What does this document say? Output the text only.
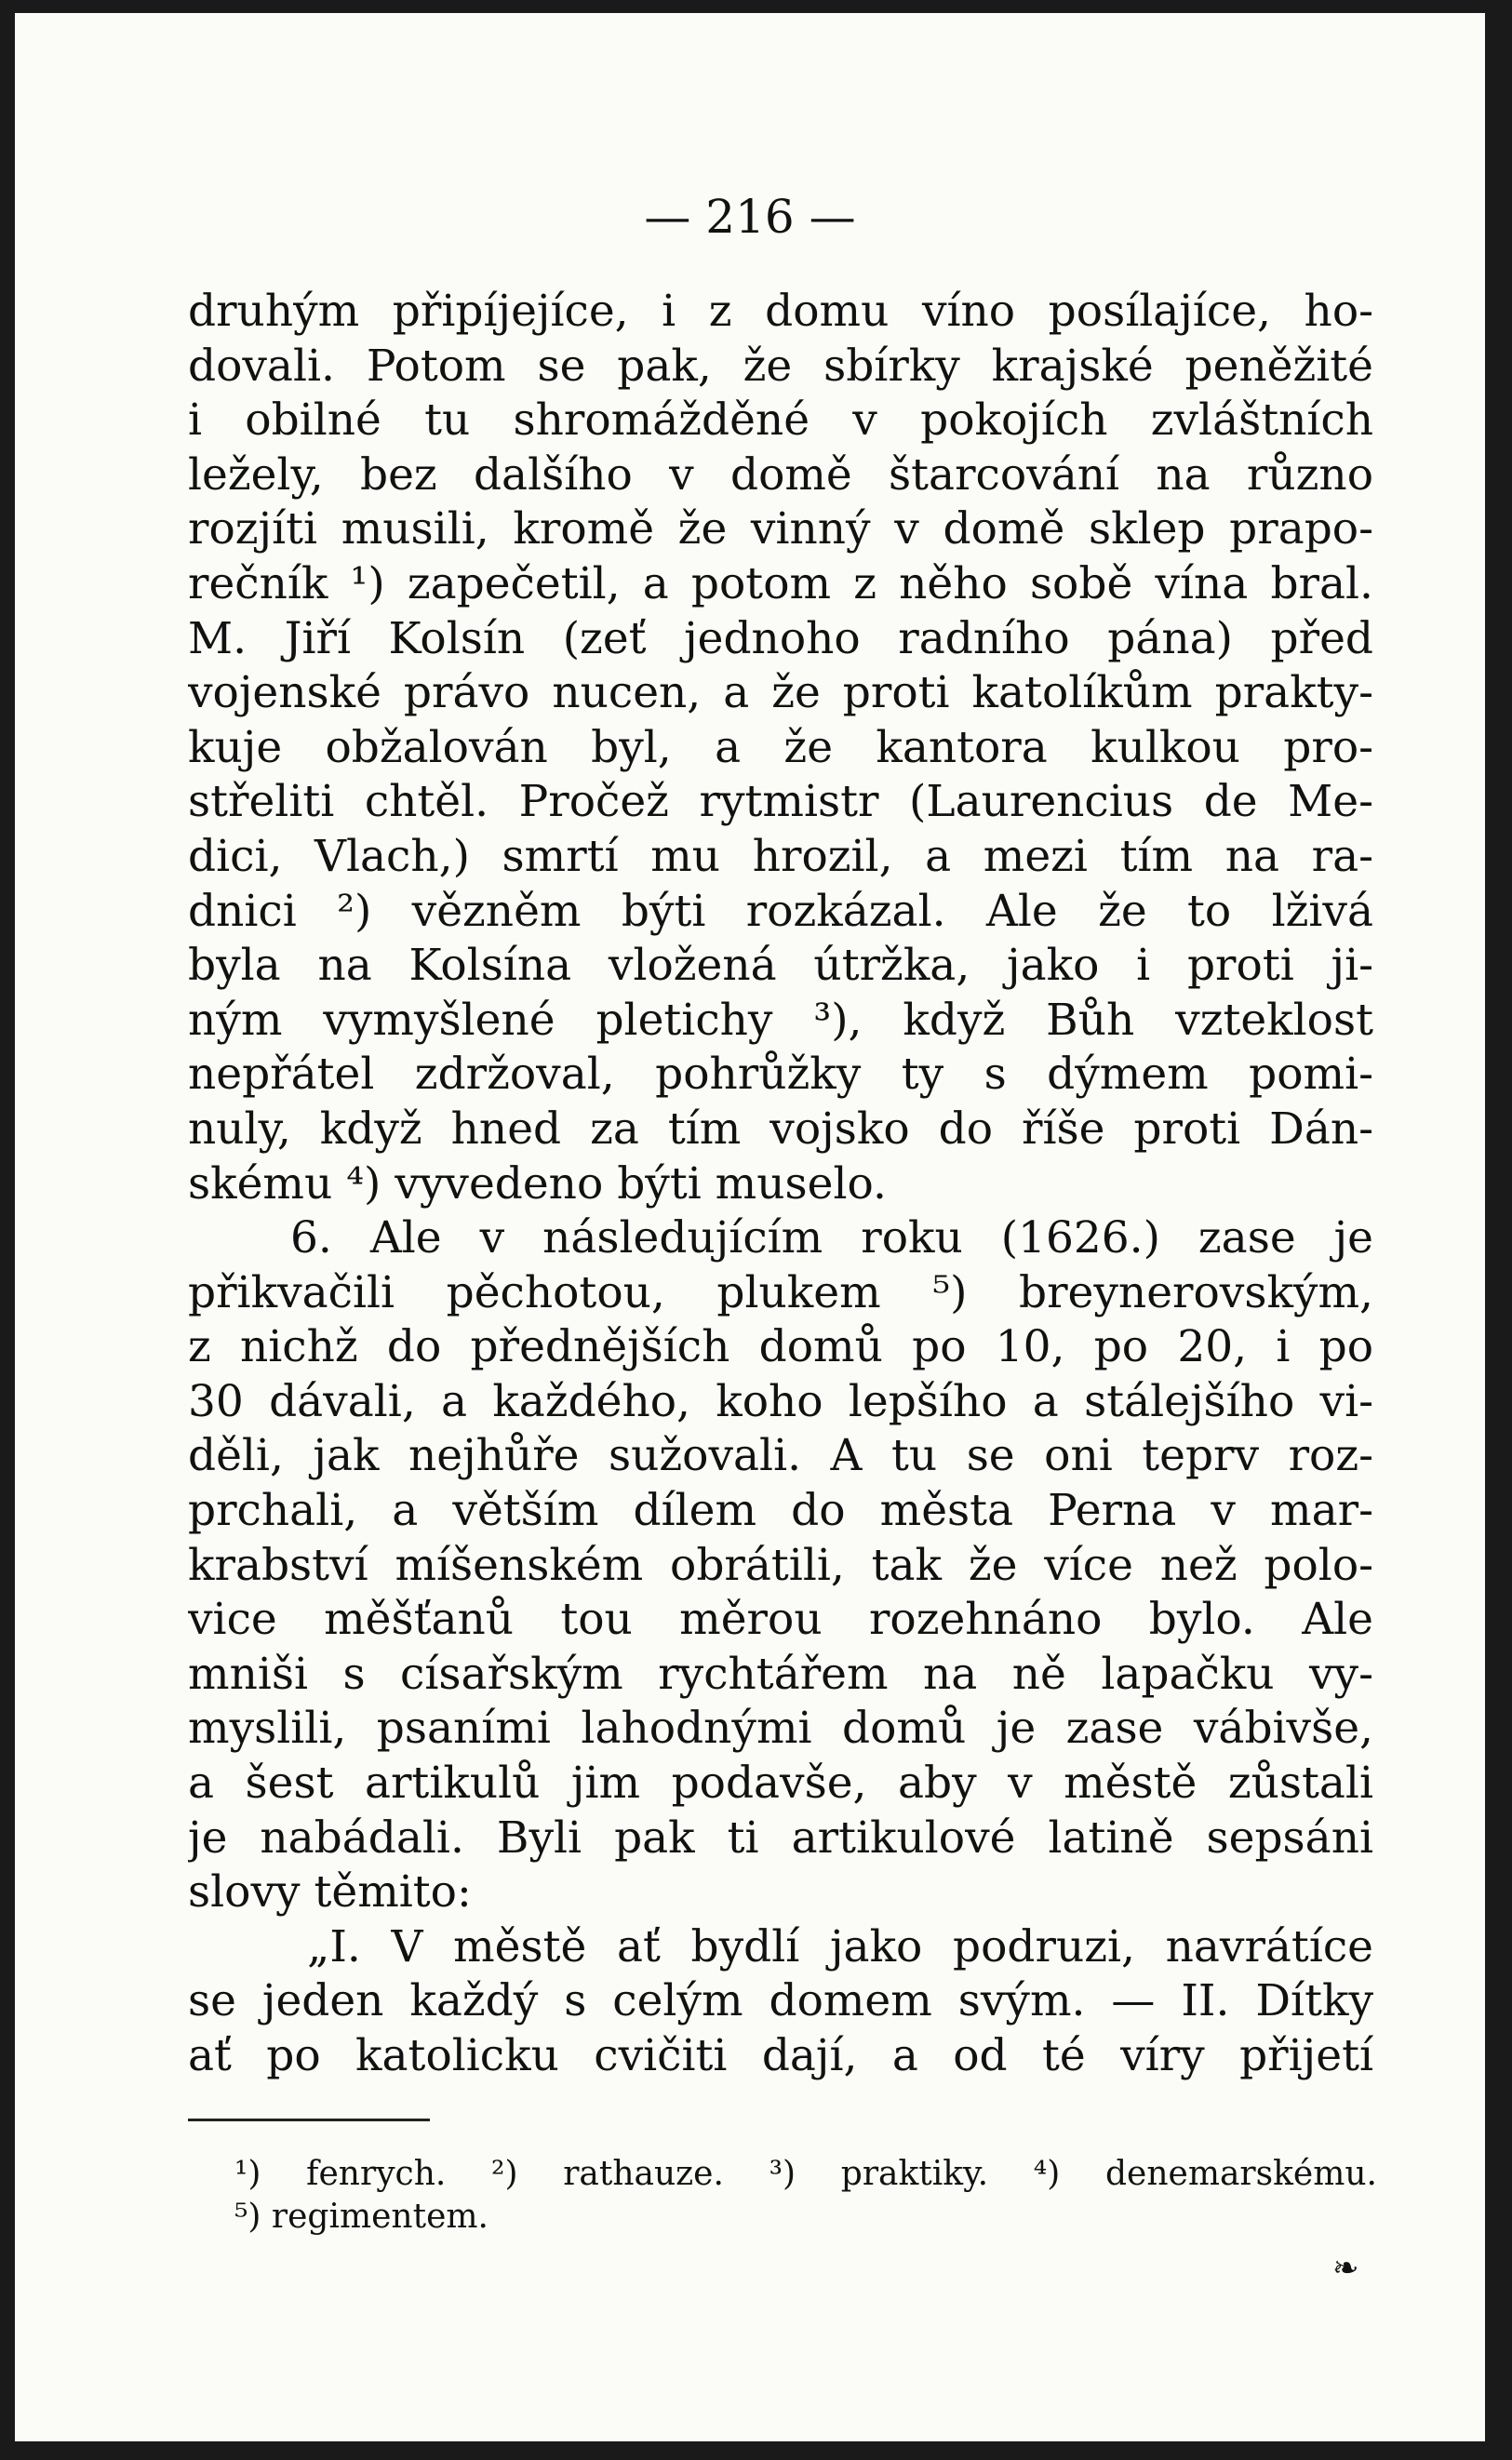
— 216 —

druhým připíjejíce, i z domu víno posílajíce, ho-
dovali. Potom se pak, že sbírky krajské peněžité
i obilné tu shromážděné v pokojích zvláštních
ležely, bez dalšího v domě štarcování na různo
rozjíti musili, kromě že vinný v domě sklep prapo-
rečník ¹) zapečetil, a potom z něho sobě vína bral.
M. Jiří Kolsín (zeť jednoho radního pána) před
vojenské právo nucen, a že proti katolíkům prakty-
kuje obžalován byl, a že kantora kulkou pro-
střeliti chtěl. Pročež rytmistr (Laurencius de Me-
dici, Vlach,) smrtí mu hrozil, a mezi tím na ra-
dnici ²) vězněm býti rozkázal. Ale že to lživá
byla na Kolsína vložená útržka, jako i proti ji-
ným vymyšlené pletichy ³), když Bůh vzteklost
nepřátel zdržoval, pohrůžky ty s dýmem pomi-
nuly, když hned za tím vojsko do říše proti Dán-
skému ⁴) vyvedeno býti muselo.
6. Ale v následujícím roku (1626.) zase je
přikvačili pěchotou, plukem ⁵) breynerovským,
z nichž do přednějších domů po 10, po 20, i po
30 dávali, a každého, koho lepšího a stálejšího vi-
děli, jak nejhůře sužovali. A tu se oni teprv roz-
prchali, a větším dílem do města Perna v mar-
krabství míšenském obrátili, tak že více než polo-
vice měšťanů tou měrou rozehnáno bylo. Ale
mniši s císařským rychtářem na ně lapačku vy-
myslili, psaními lahodnými domů je zase vábivše,
a šest artikulů jim podavše, aby v městě zůstali
je nabádali. Byli pak ti artikulové latině sepsáni
slovy těmito:
„I. V městě ať bydlí jako podruzi, navrátíce
se jeden každý s celým domem svým. — II. Dítky
ať po katolicku cvičiti dají, a od té víry přijetí
¹) fenrych. ²) rathauze. ³) praktiky. ⁴) denemarskému.
⁵) regimentem.
❧
